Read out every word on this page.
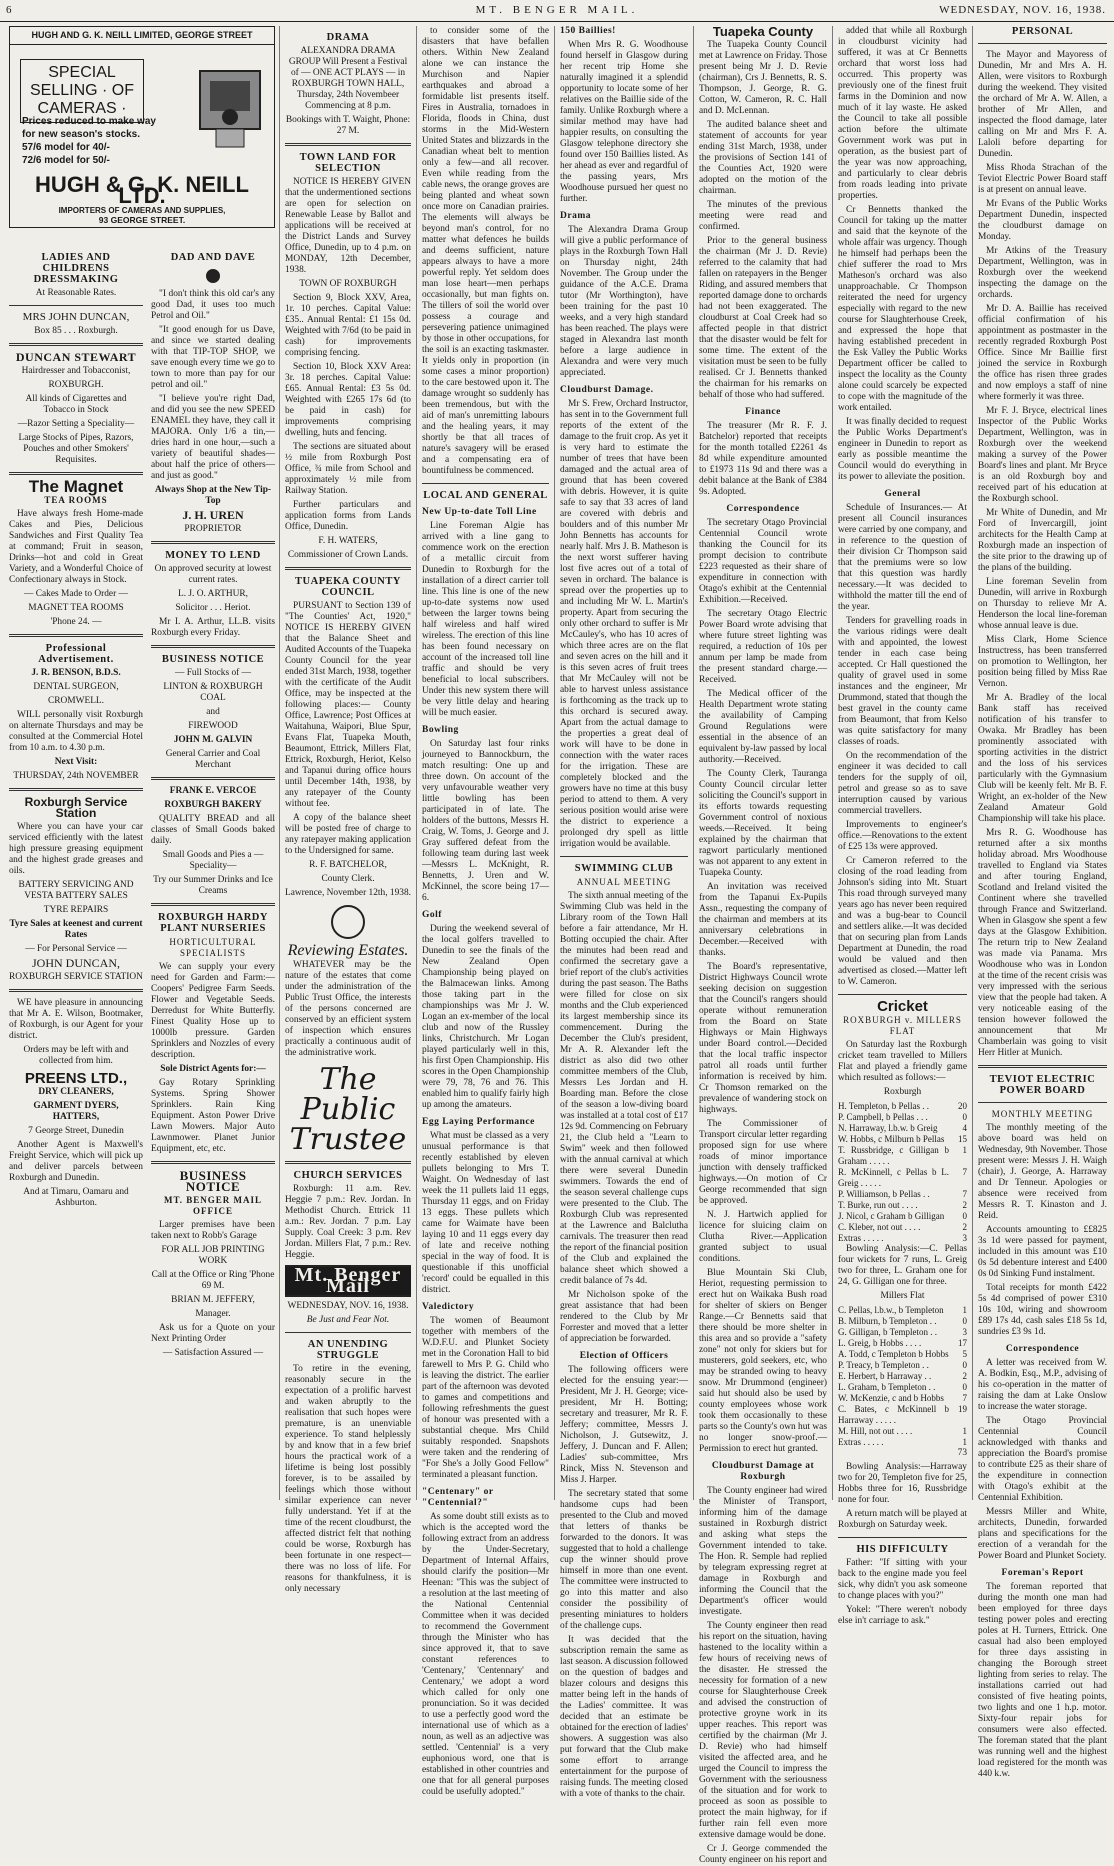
6	MT. BENGER MAIL.	WEDNESDAY, NOV. 16, 1938.
HUGH AND G. K. NEILL LIMITED, GEORGE STREET
SPECIAL SELLING · OF CAMERAS ·
Prices reduced to make way
for new season's stocks.
57/6 model for 40/-
72/6 model for 50/-
HUGH & G. K. NEILL LTD.
IMPORTERS OF CAMERAS AND SUPPLIES,
93 GEORGE STREET.
LADIES AND CHILDRENS DRESSMAKING

At Reasonable Rates.

MRS JOHN DUNCAN,

Box 85 . . . Roxburgh.

DUNCAN STEWART

Hairdresser and Tobacconist,

ROXBURGH.

All kinds of Cigarettes and Tobacco in Stock

—Razor Setting a Speciality—

Large Stocks of Pipes, Razors, Pouches and other Smokers' Requisites.

The Magnet
TEA ROOMS

Have always fresh Home-made Cakes and Pies, Delicious Sandwiches and First Quality Tea at command; Fruit in season, Drinks—hot and cold in Great Variety, and a Wonderful Choice of Confectionary always in Stock.

— Cakes Made to Order —

MAGNET TEA ROOMS

'Phone 24. —

Professional Advertisement.

J. R. BENSON, B.D.S.

DENTAL SURGEON,

CROMWELL.

WILL personally visit Roxburgh on alternate Thursdays and may be consulted at the Commercial Hotel from 10 a.m. to 4.30 p.m.

Next Visit:

THURSDAY, 24th NOVEMBER

Roxburgh Service Station

Where you can have your car serviced efficiently with the latest high pressure greasing equipment and the highest grade greases and oils.

BATTERY SERVICING AND VESTA BATTERY SALES

TYRE REPAIRS

Tyre Sales at keenest and current Rates

— For Personal Service —

JOHN DUNCAN,

ROXBURGH SERVICE STATION

WE have pleasure in announcing that Mr A. E. Wilson, Bootmaker, of Roxburgh, is our Agent for your district.

Orders may be left with and collected from him.

PREENS LTD.,

DRY CLEANERS,

GARMENT DYERS, HATTERS,

7 George Street, Dunedin

Another Agent is Maxwell's Freight Service, which will pick up and deliver parcels between Roxburgh and Dunedin.

And at Timaru, Oamaru and Ashburton.

DAD AND DAVE

"I don't think this old car's any good Dad, it uses too much Petrol and Oil."

"It good enough for us Dave, and since we started dealing with that TIP-TOP SHOP, we save enough every time we go to town to more than pay for our petrol and oil."

"I believe you're right Dad, and did you see the new SPEED ENAMEL they have, they call it MAJORA. Only 1/6 a tin,—dries hard in one hour,—such a variety of beautiful shades—about half the price of others—and just as good."

Always Shop at the New Tip-Top

J. H. UREN

PROPRIETOR

MONEY TO LEND

On approved security at lowest current rates.

L. J. O. ARTHUR,

Solicitor . . . Heriot.

Mr I. A. Arthur, LL.B. visits Roxburgh every Friday.

BUSINESS NOTICE

— Full Stocks of —

LINTON & ROXBURGH COAL

and

FIREWOOD

JOHN M. GALVIN

General Carrier and Coal Merchant

FRANK E. VERCOE

ROXBURGH BAKERY

QUALITY BREAD and all classes of Small Goods baked daily.

Small Goods and Pies a —Speciality—

Try our Summer Drinks and Ice Creams

ROXBURGH HARDY PLANT NURSERIES
HORTICULTURAL SPECIALISTS

We can supply your every need for Garden and Farm:— Coopers' Pedigree Farm Seeds. Flower and Vegetable Seeds. Derredust for White Butterfly. Finest Quality Hose up to 1000lb pressure. Garden Sprinklers and Nozzles of every description.

Sole District Agents for:—

Gay Rotary Sprinkling Systems. Spring Shower Sprinklers. Rain King Equipment. Aston Power Drive Lawn Mowers. Major Auto Lawnmower. Planet Junior Equipment, etc, etc.

BUSINESS NOTICE
MT. BENGER MAIL OFFICE

Larger premises have been taken next to Robb's Garage

FOR ALL JOB PRINTING WORK

Call at the Office or Ring 'Phone 69 M.

BRIAN M. JEFFERY,

Manager.

Ask us for a Quote on your Next Printing Order

— Satisfaction Assured —

DRAMA

ALEXANDRA DRAMA GROUP Will Present a Festival of — ONE ACT PLAYS — in ROXBURGH TOWN HALL, Thursday, 24th Novembeer Commencing at 8 p.m.

Bookings with T. Waight, Phone: 27 M.

TOWN LAND FOR SELECTION

NOTICE IS HEREBY GIVEN that the undermentioned sections are open for selection on Renewable Lease by Ballot and applications will be received at the District Lands and Survey Office, Dunedin, up to 4 p.m. on MONDAY, 12th December, 1938.

TOWN OF ROXBURGH

Section 9, Block XXV, Area, 1r. 10 perches. Capital Value: £35.. Annual Rental: £1 15s 0d. Weighted with 7/6d (to be paid in cash) for improvements comprising fencing.

Section 10, Block XXV Area: 3r. 18 perches. Capital Value: £65. Annual Rental: £3 5s 0d. Weighted with £265 17s 6d (to be paid in cash) for improvements comprising dwelling, huts and fencing.

The sections are situated about ½ mile from Roxburgh Post Office, ¾ mile from School and approximately ½ mile from Railway Station.

Further particulars and application forms from Lands Office, Dunedin.

F. H. WATERS,

Commissioner of Crown Lands.

TUAPEKA COUNTY COUNCIL

PURSUANT to Section 139 of "The Counties' Act, 1920," NOTICE IS HEREBY GIVEN that the Balance Sheet and Audited Accounts of the Tuapeka County Council for the year ended 31st March, 1938, together with the certificate of the Audit Office, may be inspected at the following places:— County Office, Lawrence; Post Offices at Waitahuna, Waipori, Blue Spur, Evans Flat, Tuapeka Mouth, Beaumont, Ettrick, Millers Flat, Ettrick, Roxburgh, Heriot, Kelso and Tapanui during office hours until December 14th, 1938, by any ratepayer of the County without fee.

A copy of the balance sheet will be posted free of charge to any ratepayer making application to the Undersigned for same.

R. F. BATCHELOR,

County Clerk.

Lawrence, November 12th, 1938.

Reviewing Estates.

WHATEVER may be the nature of the estates that come under the administration of the Public Trust Office, the interests of the persons concerned are conserved by an efficient system of inspection which ensures practically a continuous audit of the administrative work.

The Public Trustee
CHURCH SERVICES

Roxburgh: 11 a.m. Rev. Heggie 7 p.m.: Rev. Jordan. In Methodist Church. Ettrick 11 a.m.: Rev. Jordan. 7 p.m. Lay Supply. Coal Creek: 3 p.m. Rev Jordan. Millers Flat, 7 p.m.: Rev. Heggie.

Mt. Benger Mail

WEDNESDAY, NOV. 16, 1938.

Be Just and Fear Not.

AN UNENDING STRUGGLE

To retire in the evening, reasonably secure in the expectation of a prolific harvest and waken abruptly to the realisation that such hopes were premature, is an unenviable experience. To stand helplessly by and know that in a few brief hours the practical work of a lifetime is being lost possibly forever, is to be assailed by feelings which those without similar experience can never fully understand. Yet if at the time of the recent cloudburst, the affected district felt that nothing could be worse, Roxburgh has been fortunate in one respect—there was no loss of life. For reasons for thankfulness, it is only necessary

to consider some of the disasters that have befallen others. Within New Zealand alone we can instance the Murchison and Napier earthquakes and abroad a formidable list presents itself. Fires in Australia, tornadoes in Florida, floods in China, dust storms in the Mid-Western United States and blizzards in the Canadian wheat belt to mention only a few—and all recover. Even while reading from the cable news, the orange groves are being planted and wheat sown once more on Canadian prairies. The elements will always be beyond man's control, for no matter what defences he builds and deems sufficient, nature appears always to have a more powerful reply. Yet seldom does man lose heart—men perhaps occasionally, but man fights on. The tillers of soil the world over possess a courage and persevering patience unimagined by those in other occupations, for the soil is an exacting taskmaster. It yields only in proportion (in some cases a minor proportion) to the care bestowed upon it. The damage wrought so suddenly has been tremendous, but with the aid of man's unremitting labours and the healing years, it may shortly be that all traces of nature's savagery will be erased and a compensating era of bountifulness be commenced.

LOCAL AND GENERAL
New Up-to-date Toll Line

Line Foreman Algie has arrived with a line gang to commence work on the erection of a metallic circuit from Dunedin to Roxburgh for the installation of a direct carrier toll line. This line is one of the new up-to-date systems now used between the larger towns being half wireless and half wired wireless. The erection of this line has been found necessary on account of the increased toll line traffic and should be very beneficial to local subscribers. Under this new system there will be very little delay and hearing will be much easier.

Bowling

On Saturday last four rinks journeyed to Bannockburn, the match resulting: One up and three down. On account of the very unfavourable weather very little bowling has been participated in of late. The holders of the buttons, Messrs H. Craig, W. Toms, J. George and J. Gray suffered defeat from the following team during last week—Messrs L. McKnight, R. Bennetts, J. Uren and W. McKinnel, the score being 17—6.

Golf

During the weekend several of the local golfers travelled to Dunedin to see the finals of the New Zealand Open Championship being played on the Balmacewan links. Among those taking part in the championships was Mr J. W. Logan an ex-member of the local club and now of the Russley links, Christchurch. Mr Logan played particularly well in this, his first Open Championship. His scores in the Open Championship were 79, 78, 76 and 76. This enabled him to qualify fairly high up among the amateurs.

Egg Laying Performance

What must be classed as a very unusual performance is that recently established by eleven pullets belonging to Mrs T. Waight. On Wednesday of last week the 11 pullets laid 11 eggs, Thursday 11 eggs, and on Friday 13 eggs. These pullets which came for Waimate have been laying 10 and 11 eggs every day of late and receive nothing special in the way of food. It is questionable if this unofficial 'record' could be equalled in this district.

Valedictory

The women of Beaumont together with members of the W.D.F.U. and Plunket Society met in the Coronation Hall to bid farewell to Mrs P. G. Child who is leaving the district. The earlier part of the afternoon was devoted to games and competitions and following refreshments the guest of honour was presented with a substantial cheque. Mrs Child suitably responded. Snapshots were taken and the rendering of "For She's a Jolly Good Fellow" terminated a pleasant function.

"Centenary" or "Centennial?"

As some doubt still exists as to which is the accepted word the following extract from an address by the Under-Secretary, Department of Internal Affairs, should clarify the position—Mr Heenan: "This was the subject of a resolution at the last meeting of the National Centennial Committee when it was decided to recommend the Government through the Minister who has since approved it, that to save constant references to 'Centenary,' 'Centennary' and Centenary,' we adopt a word which called for only one pronunciation. So it was decided to use a perfectly good word the international use of which as a noun, as well as an adjective was settled. 'Centennial' is a very euphonious word, one that is established in other countries and one that for all general purposes could be usefully adopted."

150 Baillies!

When Mrs R. G. Woodhouse found herself in Glasgow during her recent trip Home she naturally imagined it a splendid opportunity to locate some of her relatives on the Baillie side of the family. Unlike Roxburgh where a similar method may have had happier results, on consulting the Glasgow telephone directory she found over 150 Baillies listed. As her ahead as ever and regardful of the passing years, Mrs Woodhouse pursued her quest no further.

Drama

The Alexandra Drama Group will give a public performance of plays in the Roxburgh Town Hall on Thursday night, 24th November. The Group under the guidance of the A.C.E. Drama tutor (Mr Worthington), have been training for the past 10 weeks, and a very high standard has been reached. The plays were staged in Alexandra last month before a large audience in Alexandra and were very much appreciated.

Cloudburst Damage.

Mr S. Frew, Orchard Instructor, has sent in to the Government full reports of the extent of the damage to the fruit crop. As yet it is very hard to estimate the number of trees that have been damaged and the actual area of ground that has been covered with debris. However, it is quite safe to say that 33 acres of land are covered with debris and boulders and of this number Mr John Bennetts has accounts for nearly half. Mrs J. B. Matheson is the next worst sufferer having lost five acres out of a total of seven in orchard. The balance is spread over the properties up to and including Mr W. L. Martin's property. Apart from securing the only other orchard to suffer is Mr McCauley's, who has 10 acres of which three acres are on the flat and seven acres on the hill and it is this seven acres of fruit trees that Mr McCauley will not be able to harvest unless assistance is forthcoming as the track up to this orchard is secured away. Apart from the actual damage to the properties a great deal of work will have to be done in connection with the water races for the irrigation. These are completely blocked and the growers have no time at this busy period to attend to them. A very serious position would arise were the district to experience a prolonged dry spell as little irrigation would be available.

SWIMMING CLUB
ANNUAL MEETING

The sixth annual meeting of the Swimming Club was held in the Library room of the Town Hall before a fair attendance, Mr H. Botting occupied the chair. After the minutes had been read and confirmed the secretary gave a brief report of the club's activities during the past season. The Baths were filled for close on six months and the Club experienced its largest membership since its commencement. During the December the Club's president, Mr A. R. Alexander left the district as also did two other committee members of the Club, Messrs Les Jordan and H. Boarding man. Before the close of the season a low-diving board was installed at a total cost of £17 12s 9d. Commencing on February 21, the Club held a "Learn to Swim" week and then followed with the annual carnival at which there were several Dunedin swimmers. Towards the end of the season several challenge cups were presented to the Club. The Roxburgh Club was represented at the Lawrence and Balclutha carnivals. The treasurer then read the report of the financial position of the Club and explained the balance sheet which showed a credit balance of 7s 4d.

Mr Nicholson spoke of the great assistance that had been rendered to the Club by Mr Forrester and moved that a letter of appreciation be forwarded.

Election of Officers

The following officers were elected for the ensuing year:— President, Mr J. H. George; vice-president, Mr H. Botting; secretary and treasurer, Mr R. F. Jeffery; committee, Messrs J. Nicholson, J. Gutsewitz, J. Jeffery, J. Duncan and F. Allen; Ladies' sub-committee, Mrs Rinck, Miss N. Stevenson and Miss J. Harper.

The secretary stated that some handsome cups had been presented to the Club and moved that letters of thanks be forwarded to the donors. It was suggested that to hold a challenge cup the winner should prove himself in more than one event. The committee were instructed to go into this matter and also consider the possibility of presenting miniatures to holders of the challenge cups.

It was decided that the subscription remain the same as last season. A discussion followed on the question of badges and blazer colours and designs this matter being left in the hands of the Ladies' committee. It was decided that an estimate be obtained for the erection of ladies' showers. A suggestion was also put forward that the Club make some effort to arrange entertainment for the purpose of raising funds. The meeting closed with a vote of thanks to the chair.

Tuapeka County

The Tuapeka County Council met at Lawrence on Friday. Those present being Mr J. D. Revie (chairman), Crs J. Bennetts, R. S. Thompson, J. George, R. G. Cotton, W. Cameron, R. C. Hall and D. McLennan.

The audited balance sheet and statement of accounts for year ending 31st March, 1938, under the provisions of Section 141 of the Counties Act, 1920 were adopted on the motion of the chairman.

The minutes of the previous meeting were read and confirmed.

Prior to the general business the chairman (Mr J. D. Revie) referred to the calamity that had fallen on ratepayers in the Benger Riding, and assured members that reported damage done to orchards had not been exaggerated. The cloudburst at Coal Creek had so affected people in that district that the disaster would be felt for some time. The extent of the visitation must be seen to be fully realised. Cr J. Bennetts thanked the chairman for his remarks on behalf of those who had suffered.

Finance

The treasurer (Mr R. F. J. Batchelor) reported that receipts for the month totalled £2261 4s 8d while expenditure amounted to £1973 11s 9d and there was a debit balance at the Bank of £384 9s. Adopted.

Correspondence

The secretary Otago Provincial Centennial Council wrote thanking the Council for its prompt decision to contribute £223 requested as their share of expenditure in connection with Otago's exhibit at the Centennial Exhibition.—Received.

The secretary Otago Electric Power Board wrote advising that where future street lighting was required, a reduction of 10s per annum per lamp be made from the present standard charge.—Received.

The Medical officer of the Health Department wrote stating the availability of Camping Ground Regulations were essential in the absence of an equivalent by-law passed by local authority.—Received.

The County Clerk, Tauranga County Council circular letter soliciting the Council's support in its efforts towards requesting Government control of noxious weeds.—Received. It being explained by the chairman that ragwort particularly mentioned was not apparent to any extent in Tuapeka County.

An invitation was received from the Tapanui Ex-Pupils Assn., requesting the company of the chairman and members at its anniversary celebrations in December.—Received with thanks.

The Board's representative, District Highways Council wrote seeking decision on suggestion that the Council's rangers should operate without remuneration from the Board on State Highways or Main Highways under Board control.—Decided that the local traffic inspector patrol all roads until further information is received by him. Cr Thomson remarked on the prevalence of wandering stock on highways.

The Commissioner of Transport circular letter regarding proposed sign for use where roads of minor importance junction with densely trafficked highways.—On motion of Cr George recommended that sign be approved.

N. J. Hartwich applied for licence for sluicing claim on Clutha River.—Application granted subject to usual conditions.

Blue Mountain Ski Club, Heriot, requesting permission to erect hut on Waikaka Bush road for shelter of skiers on Benger Range.—Cr Bennetts said that there should be more shelter in this area and so provide a "safety zone" not only for skiers but for musterers, gold seekers, etc, who may be stranded owing to heavy snow. Mr Drummond (engineer) said hut should also be used by county employees whose work took them occasionally to these parts so the County's own hut was no longer snow-proof.—Permission to erect hut granted.

Cloudburst Damage at Roxburgh

The County engineer had wired the Minister of Transport, informing him of the damage sustained in Roxburgh district and asking what steps the Government intended to take. The Hon. R. Semple had replied by telegram expressing regret at damage in Roxburgh and informing the Council that the Department's officer would investigate.

The County engineer then read his report on the situation, having hastened to the locality within a few hours of receiving news of the disaster. He stressed the necessity for formation of a new course for Slaughterhouse Creek and advised the construction of protective groyne work in its upper reaches. This report was certified by the chairman (Mr J. D. Revie) who had himself visited the affected area, and he urged the Council to impress the Government with the seriousness of the situation and for work to proceed as soon as possible to protect the main highway, for if further rain fell even more extensive damage would be done.

Cr J. George commended the County engineer on his report and

added that while all Roxburgh in cloudburst vicinity had suffered, it was at Cr Bennetts orchard that worst loss had occurred. This property was previously one of the finest fruit farms in the Dominion and now much of it lay waste. He asked the Council to take all possible action before the ultimate Government work was put in operation, as the busiest part of the year was now approaching, and particularly to clear debris from roads leading into private properties.

Cr Bennetts thanked the Council for taking up the matter and said that the keynote of the whole affair was urgency. Though he himself had perhaps been the chief sufferer the road to Mrs Matheson's orchard was also unapproachable. Cr Thompson reiterated the need for urgency especially with regard to the new course for Slaughterhouse Creek, and expressed the hope that having established precedent in the Esk Valley the Public Works Department officer be called to inspect the locality as the County alone could scarcely be expected to cope with the magnitude of the work entailed.

It was finally decided to request the Public Works Department's engineer in Dunedin to report as early as possible meantime the Council would do everything in its power to alleviate the position.

General

Schedule of Insurances.— At present all Council insurances were carried by one company, and in reference to the question of their division Cr Thompson said that the premiums were so low that this question was hardly necessary.—It was decided to withhold the matter till the end of the year.

Tenders for gravelling roads in the various ridings were dealt with and appointed, the lowest tender in each case being accepted. Cr Hall questioned the quality of gravel used in some instances and the engineer, Mr Drummond, stated that though the best gravel in the county came from Beaumont, that from Kelso was quite satisfactory for many classes of roads.

On the recommendation of the engineer it was decided to call tenders for the supply of oil, petrol and grease so as to save interruption caused by various commercial travellers.

Improvements to engineer's office.—Renovations to the extent of £25 13s were approved.

Cr Cameron referred to the closing of the road leading from Johnson's siding into Mt. Stuart This road through surveyed many years ago has never been required and was a bug-bear to Council and settlers alike.—It was decided that on securing plan from Lands Department at Dunedin, the road would be valued and then advertised as closed.—Matter left to W. Cameron.

Cricket
ROXBURGH v. MILLERS FLAT

On Saturday last the Roxburgh cricket team travelled to Millers Flat and played a friendly game which resulted as follows:—

Roxburgh

H. Templeton, b Pellas . .	20
P. Campbell, b Pellas . . .	0
N. Harraway, l.b.w. b Greig	4
W. Hobbs, c Milburn b Pellas	15
T. Russbridge, c Gilligan b Graham . . . . .	1
R. McKinnell, c Pellas b L. Greig . . . . .	7
P. Williamson, b Pellas . .	7
T. Burke, run out . . . .	2
J. Nicol, c Graham b Gilligan	0
C. Kleber, not out . . . .	2
Extras . . . . .	3

Bowling Analysis:—C. Pellas four wickets for 7 runs, L. Greig two for three, L. Graham one for 24, G. Gilligan one for three.

Millers Flat

C. Pellas, l.b.w., b Templeton	1
B. Milburn, b Templeton . .	0
G. Gilligan, b Templeton . .	3
L. Greig, b Hobbs . . . .	17
A. Todd, c Templeton b Hobbs	5
P. Treacy, b Templeton . .	0
E. Herbert, b Harraway . .	2
L. Graham, b Templeton . .	0
W. McKenzie, c and b Hobbs	7
C. Bates, c McKinnell b Harraway . . . . .	19
M. Hill, not out . . . .	1
Extras . . . . .	1

73

Bowling Analysis:—Harraway two for 20, Templeton five for 25, Hobbs three for 16, Russbridge none for four.

A return match will be played at Roxburgh on Saturday week.

HIS DIFFICULTY

Father: "If sitting with your back to the engine made you feel sick, why didn't you ask someone to change places with you?"

Yokel: "There weren't nobody else in't carriage to ask."

PERSONAL

The Mayor and Mayoress of Dunedin, Mr and Mrs A. H. Allen, were visitors to Roxburgh during the weekend. They visited the orchard of Mr A. W. Allen, a brother of Mr Allen, and inspected the flood damage, later calling on Mr and Mrs F. A. Laloli before departing for Dunedin.

Miss Rhoda Strachan of the Teviot Electric Power Board staff is at present on annual leave.

Mr Evans of the Public Works Department Dunedin, inspected the cloudburst damage on Monday.

Mr Atkins of the Treasury Department, Wellington, was in Roxburgh over the weekend inspecting the damage on the orchards.

Mr D. A. Baillie has received official confirmation of his appointment as postmaster in the recently regraded Roxburgh Post Office. Since Mr Baillie first joined the service in Roxburgh the office has risen three grades and now employs a staff of nine where formerly it was three.

Mr F. J. Bryce, electrical lines Inspector of the Public Works Department, Wellington, was in Roxburgh over the weekend making a survey of the Power Board's lines and plant. Mr Bryce is an old Roxburgh boy and received part of his education at the Roxburgh school.

Mr White of Dunedin, and Mr Ford of Invercargill, joint architects for the Health Camp at Roxburgh made an inspection of the site prior to the drawing up of the plans of the building.

Line foreman Sevelin from Dunedin, will arrive in Roxburgh on Thursday to relieve Mr A. Henderson the local line-foreman whose annual leave is due.

Miss Clark, Home Science Instructress, has been transferred on promotion to Wellington, her position being filled by Miss Rae Vernon.

Mr A. Bradley of the local Bank staff has received notification of his transfer to Owaka. Mr Bradley has been prominently associated with sporting activities in the district and the loss of his services particularly with the Gymnasium Club will be keenly felt. Mr B. F. Wright, an ex-holder of the New Zealand Amateur Gold Championship will take his place.

Mrs R. G. Woodhouse has returned after a six months holiday abroad. Mrs Woodhouse travelled to England via States and after touring England, Scotland and Ireland visited the Continent where she travelled through France and Switzerland. When in Glasgow she spent a few days at the Glasgow Exhibition. The return trip to New Zealand was made via Panama. Mrs Woodhouse who was in London at the time of the recent crisis was very impressed with the serious view that the people had taken. A very noticeable easing of the tension however followed the announcement that Mr Chamberlain was going to visit Herr Hitler at Munich.

TEVIOT ELECTRIC POWER BOARD
MONTHLY MEETING

The monthly meeting of the above board was held on Wednesday, 9th November. Those present were: Messrs J. H. Waigh (chair), J. George, A. Harraway and Dr Tenneur. Apologies or absence were received from Messrs R. T. Kinaston and J. Reid.

Accounts amounting to ££825 3s 1d were passed for payment, included in this amount was £10 0s 5d debenture interest and £400 0s 0d Sinking Fund instalment.

Total receipts for month £422 5s 4d comprised of power £310 10s 10d, wiring and showroom £89 17s 4d, cash sales £18 5s 1d, sundries £3 9s 1d.

Correspondence

A letter was received from W. A. Bodkin, Esq., M.P., advising of his co-operation in the matter of raising the dam at Lake Onslow to increase the water storage.

The Otago Provincial Centennial Council acknowledged with thanks and appreciation the Board's promise to contribute £25 as their share of the expenditure in connection with Otago's exhibit at the Centennial Exhibition.

Messrs Miller and White, architects, Dunedin, forwarded plans and specifications for the erection of a verandah for the Power Board and Plunket Society.

Foreman's Report

The foreman reported that during the month one man had been employed for three days testing power poles and erecting poles at H. Turners, Ettrick. One casual had also been employed for three days assisting in changing the Borough street lighting from series to relay. The installations carried out had consisted of five heating points, two lights and one 1 h.p. motor. Sixty-four repair jobs for consumers were also effected. The foreman stated that the plant was running well and the highest load registered for the month was 440 k.w.
